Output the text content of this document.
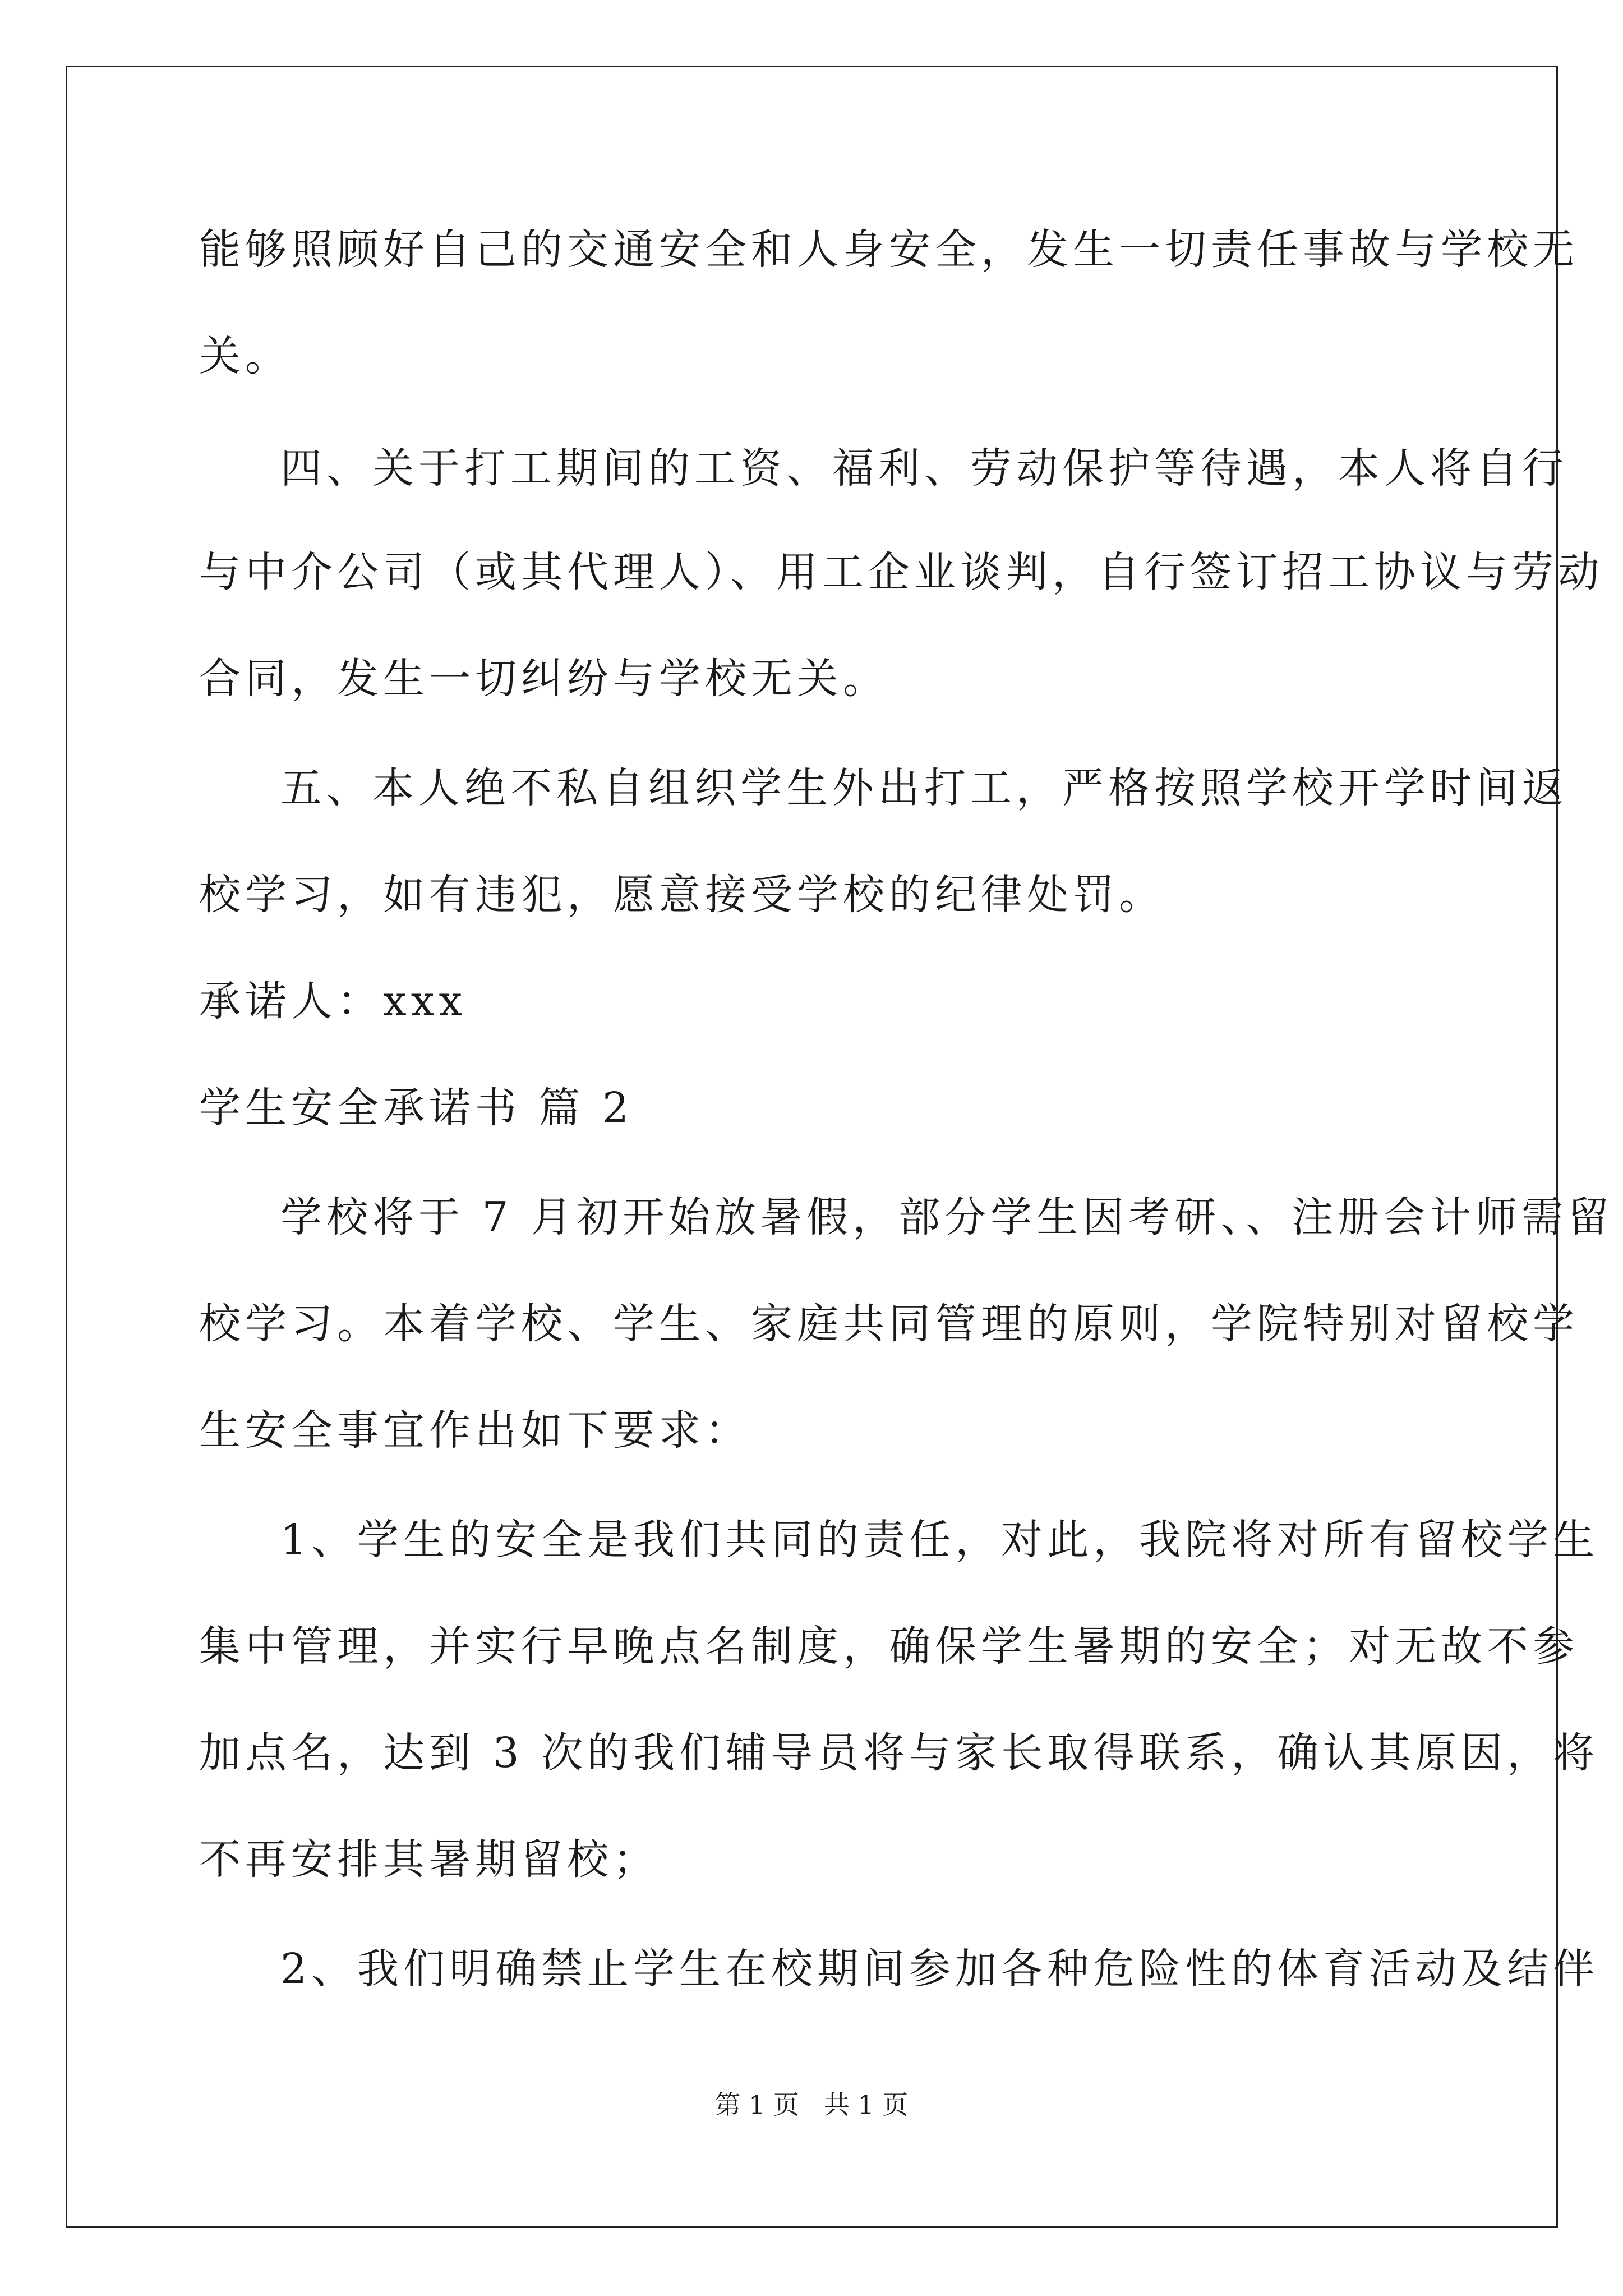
能够照顾好自己的交通安全和人身安全，发生一切责任事故与学校无
关。
四、关于打工期间的工资、福利、劳动保护等待遇，本人将自行
与中介公司（或其代理人）、用工企业谈判，自行签订招工协议与劳动
合同，发生一切纠纷与学校无关。
五、本人绝不私自组织学生外出打工，严格按照学校开学时间返
校学习，如有违犯，愿意接受学校的纪律处罚。
承诺人：xxx
学生安全承诺书 篇 2
学校将于 7 月初开始放暑假，部分学生因考研、、注册会计师需留
校学习。本着学校、学生、家庭共同管理的原则，学院特别对留校学
生安全事宜作出如下要求：
1、学生的安全是我们共同的责任，对此，我院将对所有留校学生
集中管理，并实行早晚点名制度，确保学生暑期的安全；对无故不参
加点名，达到 3 次的我们辅导员将与家长取得联系，确认其原因，将
不再安排其暑期留校；
2、我们明确禁止学生在校期间参加各种危险性的体育活动及结伴
第 1 页   共 1 页
